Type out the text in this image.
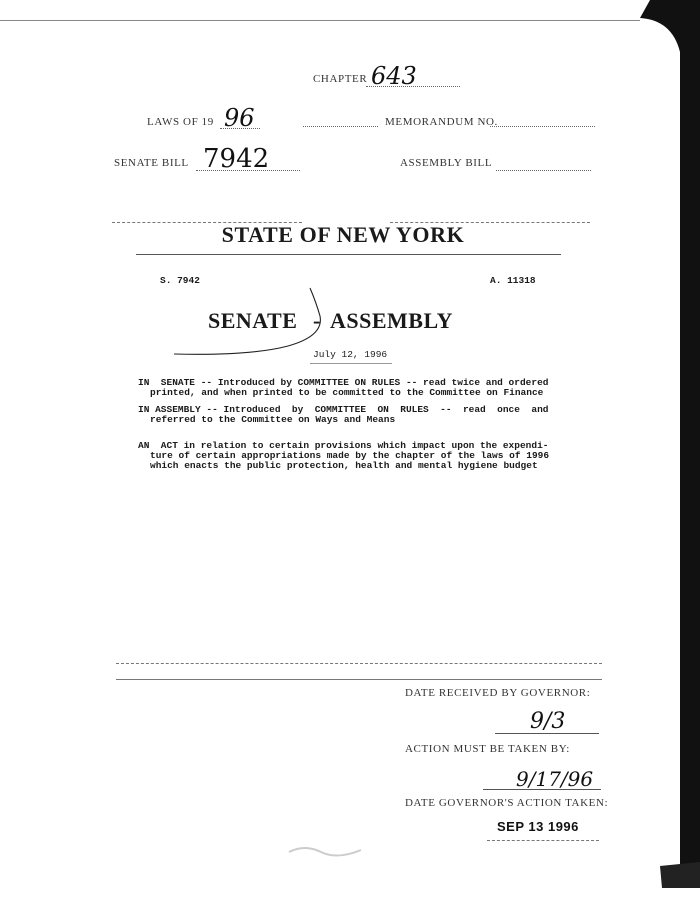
CHAPTER 643
LAWS OF 19 96	MEMORANDUM NO.
SENATE BILL 7942	ASSEMBLY BILL
STATE OF NEW YORK
S. 7942	A. 11318
SENATE - ASSEMBLY
July 12, 1996
IN  SENATE -- Introduced by COMMITTEE ON RULES -- read twice and ordered
printed, and when printed to be committed to the Committee on Finance
IN ASSEMBLY -- Introduced  by  COMMITTEE  ON  RULES  --  read  once  and
referred to the Committee on Ways and Means
AN  ACT in relation to certain provisions which impact upon the expendi-
ture of certain appropriations made by the chapter of the laws of 1996
which enacts the public protection, health and mental hygiene budget
DATE RECEIVED BY GOVERNOR:
9/3
ACTION MUST BE TAKEN BY:
9/17/96
DATE GOVERNOR'S ACTION TAKEN:
SEP 13 1996
